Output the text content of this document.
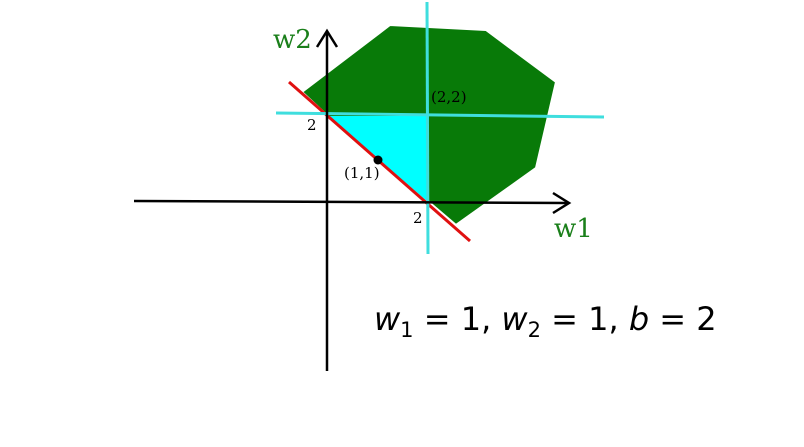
w2
w1
2
2
(2,2)
(1,1)
$w_1 = 1$, $w_2 = 1$, b = 2
